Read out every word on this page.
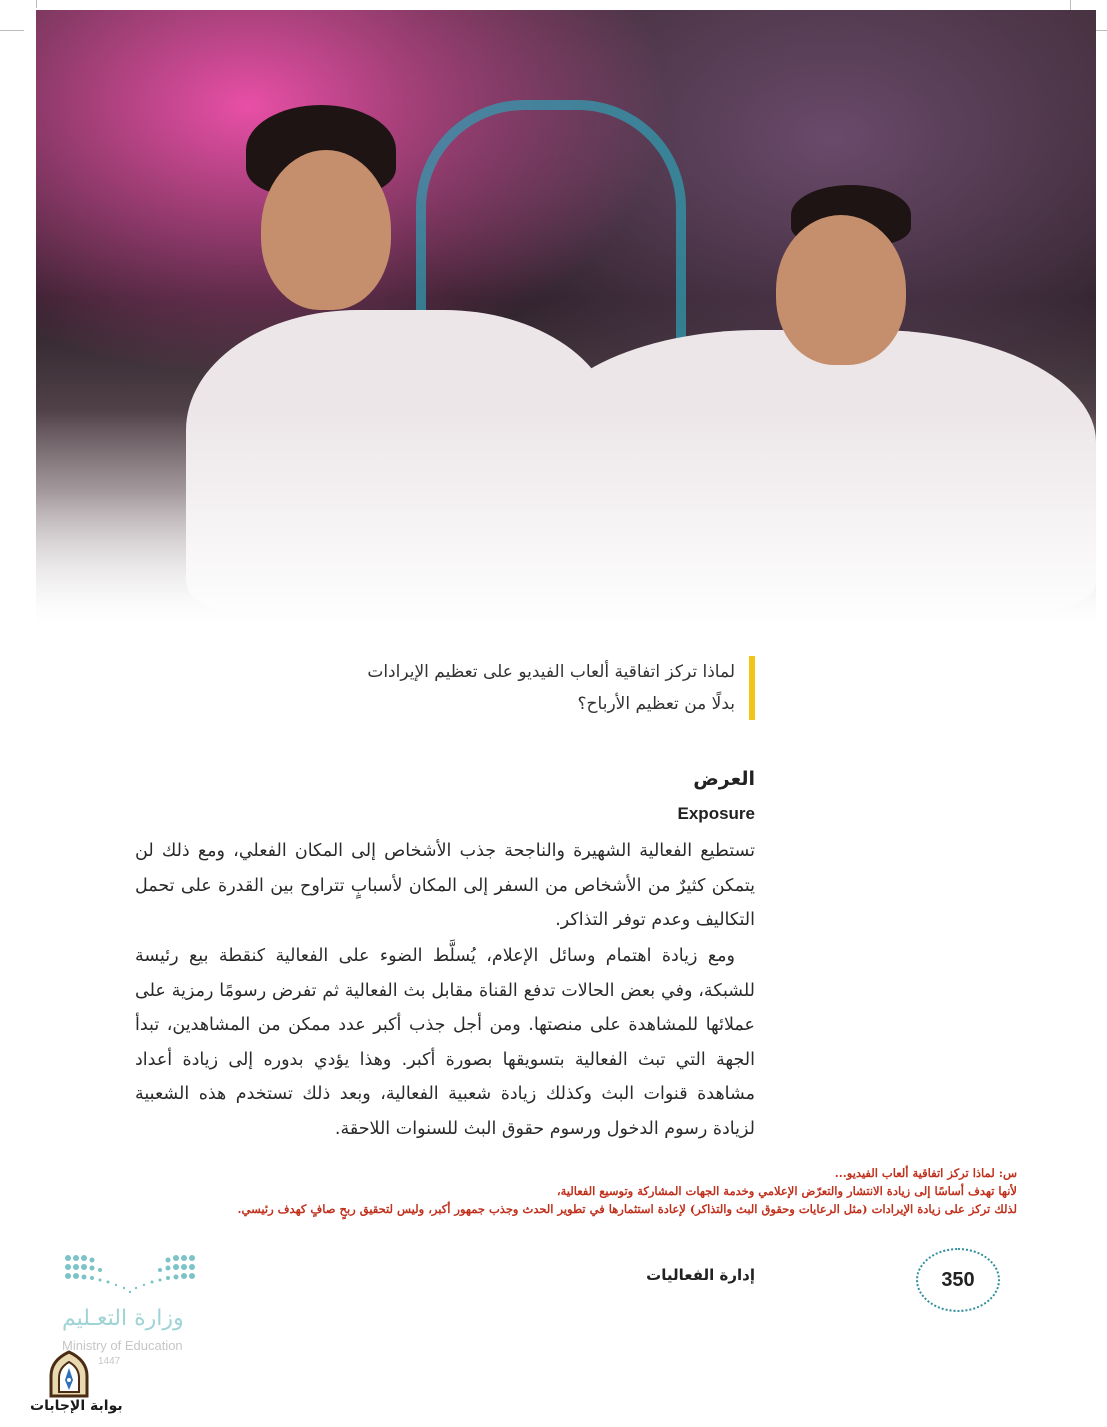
لماذا تركز اتفاقية ألعاب الفيديو على تعظيم الإيرادات
بدلًا من تعظيم الأرباح؟
العرض
Exposure
تستطيع الفعالية الشهيرة والناجحة جذب الأشخاص إلى المكان الفعلي، ومع ذلك لن يتمكن كثيرٌ من الأشخاص من السفر إلى المكان لأسبابٍ تتراوح بين القدرة على تحمل التكاليف وعدم توفر التذاكر.
ومع زيادة اهتمام وسائل الإعلام، يُسلَّط الضوء على الفعالية كنقطة بيع رئيسة للشبكة، وفي بعض الحالات تدفع القناة مقابل بث الفعالية ثم تفرض رسومًا رمزية على عملائها للمشاهدة على منصتها. ومن أجل جذب أكبر عدد ممكن من المشاهدين، تبدأ الجهة التي تبث الفعالية بتسويقها بصورة أكبر. وهذا يؤدي بدوره إلى زيادة أعداد مشاهدة قنوات البث وكذلك زيادة شعبية الفعالية، وبعد ذلك تستخدم هذه الشعبية لزيادة رسوم الدخول ورسوم حقوق البث للسنوات اللاحقة.
س: لماذا تركز اتفاقية ألعاب الفيديو...
لأنها تهدف أساسًا إلى زيادة الانتشار والتعرّض الإعلامي وخدمة الجهات المشاركة وتوسيع الفعالية،
لذلك تركز على زيادة الإيرادات (مثل الرعايات وحقوق البث والتذاكر) لإعادة استثمارها في تطوير الحدث وجذب جمهور أكبر، وليس لتحقيق ربحٍ صافٍ كهدف رئيسي.
350
إدارة الفعاليات
وزارة التعـليم
Ministry of Education
1447
بوابة الإجابات
